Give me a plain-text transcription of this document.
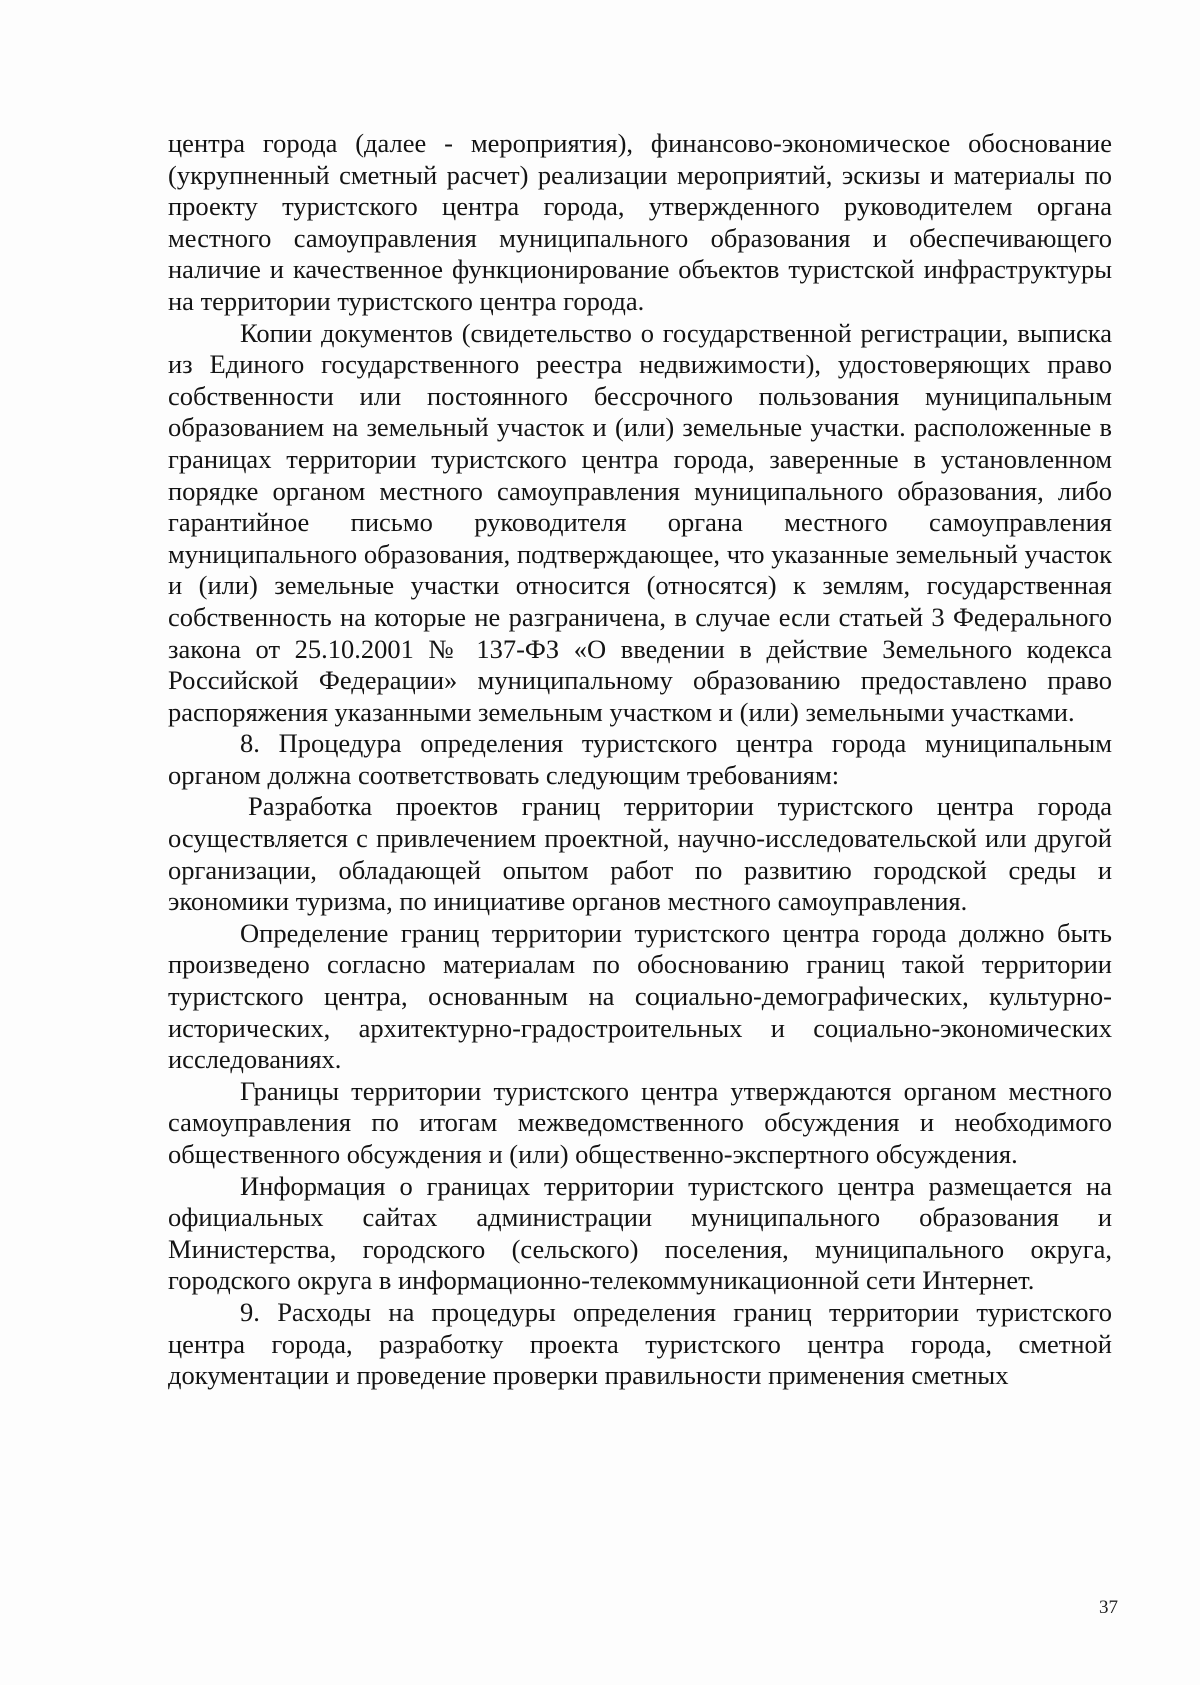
центра города (далее - мероприятия), финансово-экономическое обоснование (укрупненный сметный расчет) реализации мероприятий, эскизы и материалы по проекту туристского центра города, утвержденного руководителем органа местного самоуправления муниципального образования и обеспечивающего наличие и качественное функционирование объектов туристской инфраструктуры на территории туристского центра города.

Копии документов (свидетельство о государственной регистрации, выписка из Единого государственного реестра недвижимости), удостоверяющих право собственности или постоянного бессрочного пользования муниципальным образованием на земельный участок и (или) земельные участки. расположенные в границах территории туристского центра города, заверенные в установленном порядке органом местного самоуправления муниципального образования, либо гарантийное письмо руководителя органа местного самоуправления муниципального образования, подтверждающее, что указанные земельный участок и (или) земельные участки относится (относятся) к землям, государственная собственность на которые не разграничена, в случае если статьей 3 Федерального закона от 25.10.2001 № 137-ФЗ «О введении в действие Земельного кодекса Российской Федерации» муниципальному образованию предоставлено право распоряжения указанными земельным участком и (или) земельными участками.

8. Процедура определения туристского центра города муниципальным органом должна соответствовать следующим требованиям:

Разработка проектов границ территории туристского центра города осуществляется с привлечением проектной, научно-исследовательской или другой организации, обладающей опытом работ по развитию городской среды и экономики туризма, по инициативе органов местного самоуправления.

Определение границ территории туристского центра города должно быть произведено согласно материалам по обоснованию границ такой территории туристского центра, основанным на социально-демографических, культурно-исторических, архитектурно-градостроительных и социально-экономических исследованиях.

Границы территории туристского центра утверждаются органом местного самоуправления по итогам межведомственного обсуждения и необходимого общественного обсуждения и (или) общественно-экспертного обсуждения.

Информация о границах территории туристского центра размещается на официальных сайтах администрации муниципального образования и Министерства, городского (сельского) поселения, муниципального округа, городского округа в информационно-телекоммуникационной сети Интернет.

9. Расходы на процедуры определения границ территории туристского центра города, разработку проекта туристского центра города, сметной документации и проведение проверки правильности применения сметных

37
